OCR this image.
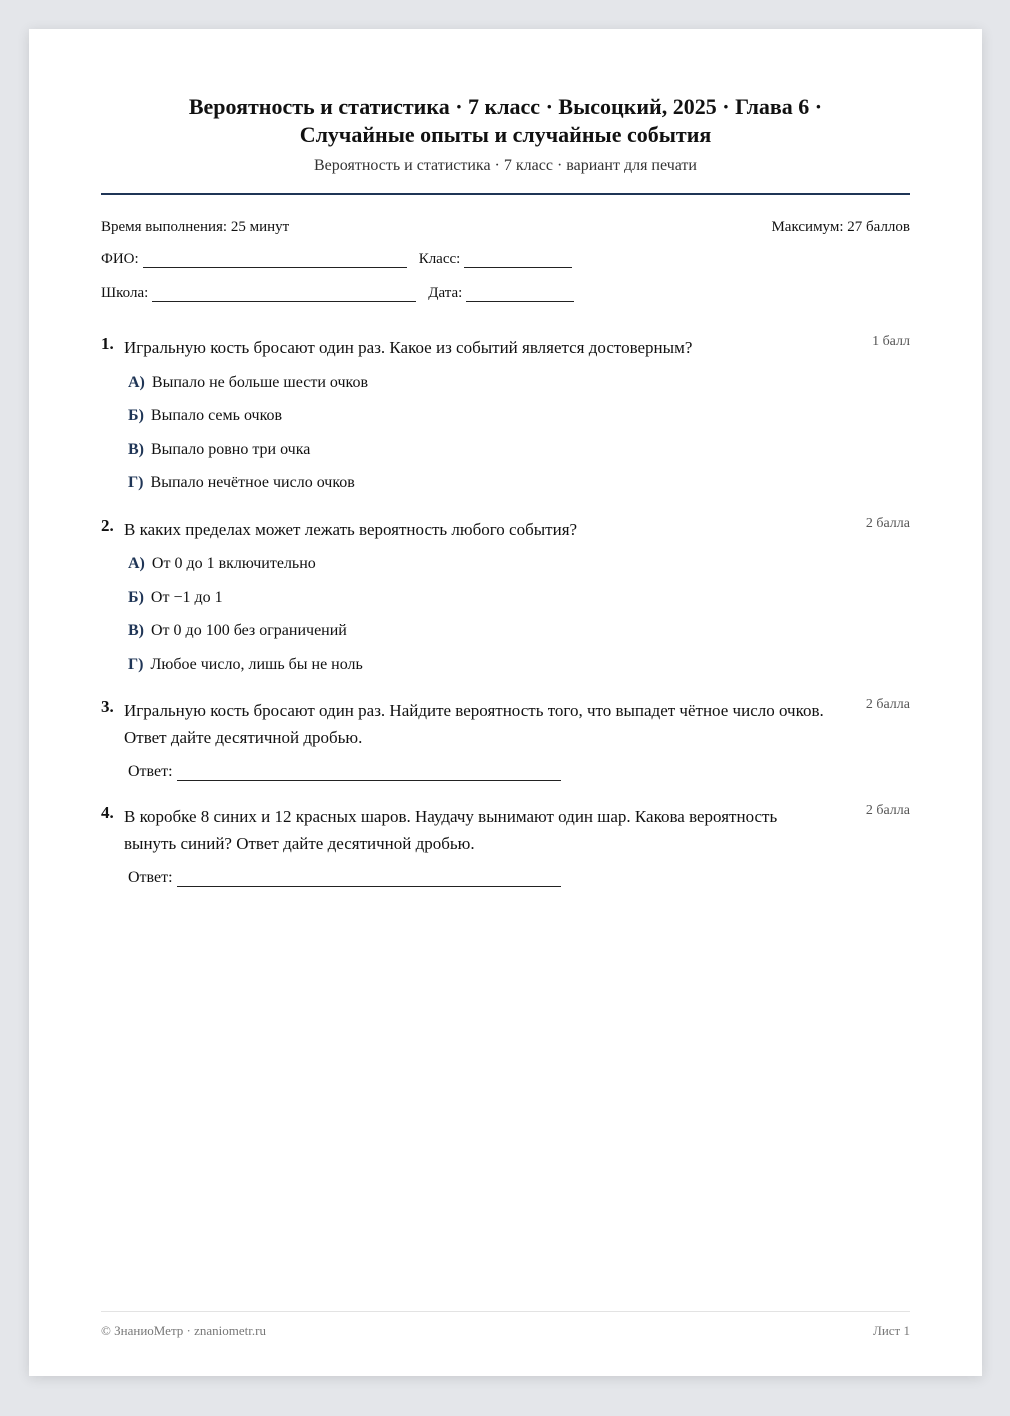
Вероятность и статистика · 7 класс · Высоцкий, 2025 · Глава 6 ·
Случайные опыты и случайные события
Вероятность и статистика · 7 класс · вариант для печати
Время выполнения: 25 минут	Максимум: 27 баллов
ФИО:	Класс:
Школа:	Дата:
1. Игральную кость бросают один раз. Какое из событий является достоверным?	1 балл
А) Выпало не больше шести очков
Б) Выпало семь очков
В) Выпало ровно три очка
Г) Выпало нечётное число очков
2. В каких пределах может лежать вероятность любого события?	2 балла
А) От 0 до 1 включительно
Б) От −1 до 1
В) От 0 до 100 без ограничений
Г) Любое число, лишь бы не ноль
3. Игральную кость бросают один раз. Найдите вероятность того, что выпадет чётное число очков. Ответ дайте десятичной дробью.
2 балла
Ответ:
4. В коробке 8 синих и 12 красных шаров. Наудачу вынимают один шар. Какова вероятность вынуть синий? Ответ дайте десятичной дробью.
2 балла
Ответ:
© ЗнаниоМетр · znaniometr.ru	Лист 1
